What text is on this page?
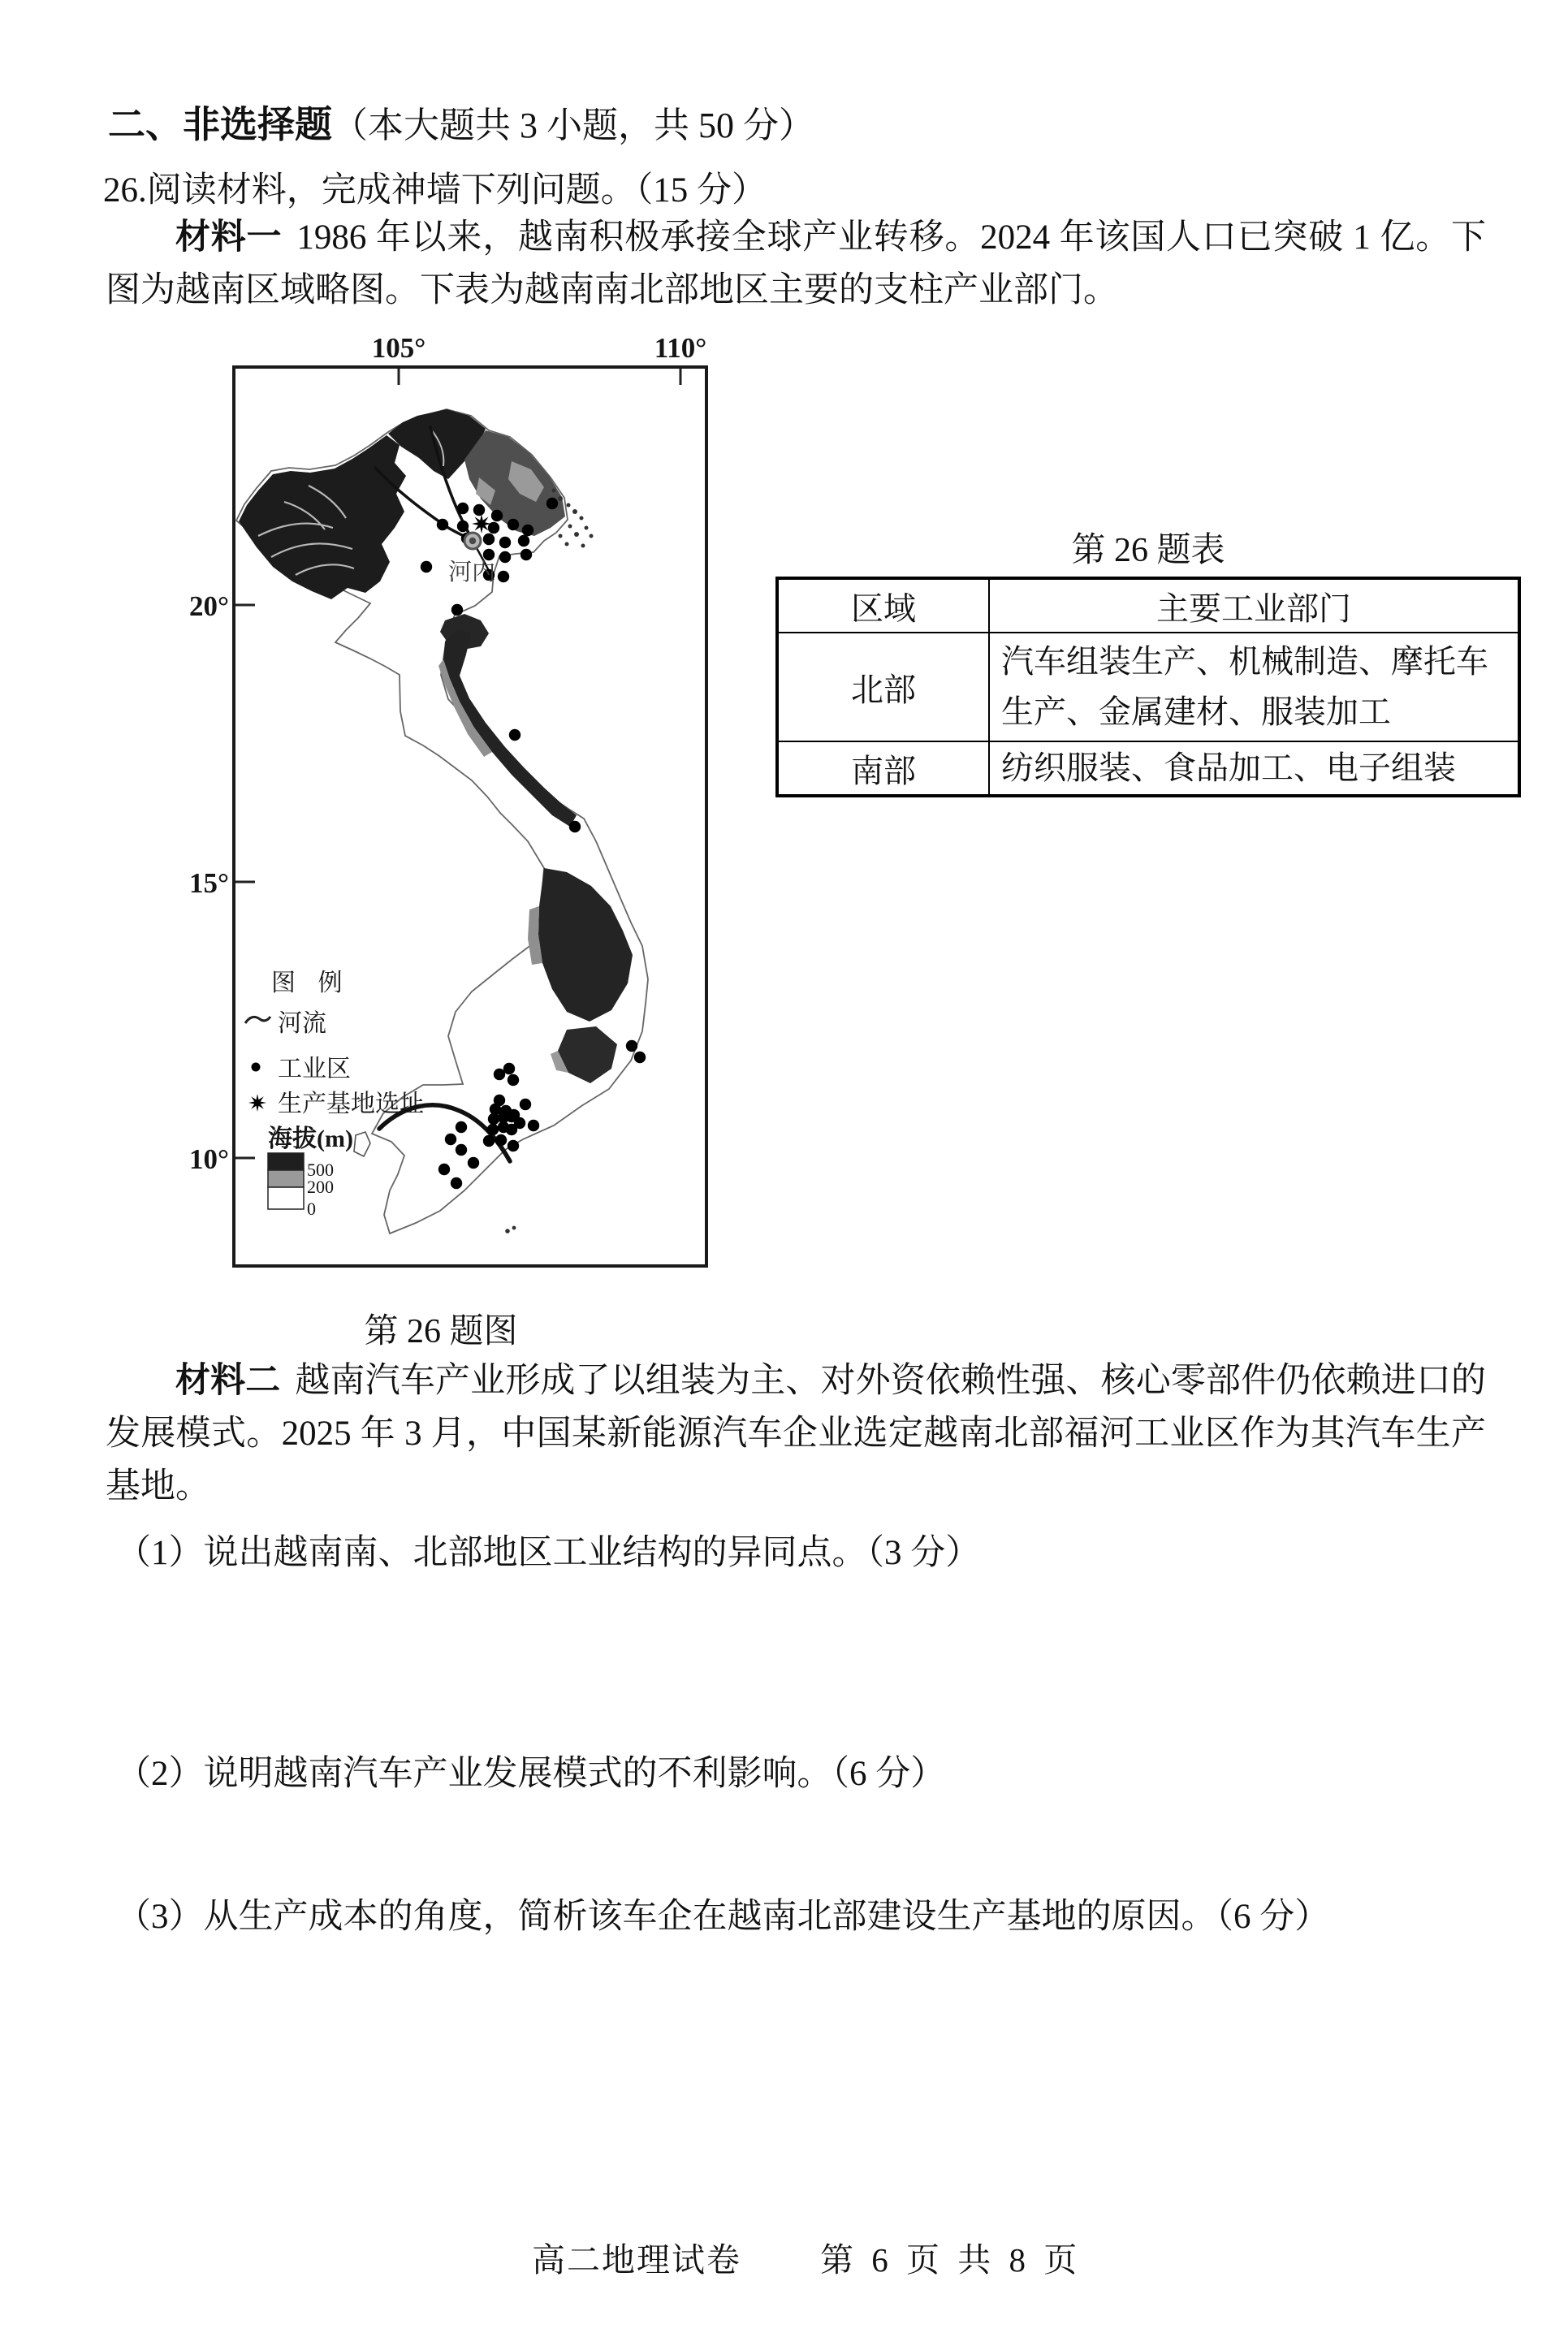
二、非选择题（本大题共 3 小题，共 50 分）
26.阅读材料，完成神墙下列问题。（15 分）
材料一 1986 年以来，越南积极承接全球产业转移。2024 年该国人口已突破 1 亿。下图为越南区域略图。下表为越南南北部地区主要的支柱产业部门。
105°	110°
20°
15°
10°
河内
图 例
河流
工业区
生产基地选址
海拔(m)
500
200
0
第 26 题图
第 26 题表
区域	主要工业部门
北部	汽车组装生产、机械制造、摩托车生产、金属建材、服装加工
南部	纺织服装、食品加工、电子组装
材料二 越南汽车产业形成了以组装为主、对外资依赖性强、核心零部件仍依赖进口的发展模式。2025 年 3 月，中国某新能源汽车企业选定越南北部福河工业区作为其汽车生产基地。
（1）说出越南南、北部地区工业结构的异同点。（3 分）
（2）说明越南汽车产业发展模式的不利影响。（6 分）
（3）从生产成本的角度，简析该车企在越南北部建设生产基地的原因。（6 分）
高二地理试卷 第 6 页 共 8 页
